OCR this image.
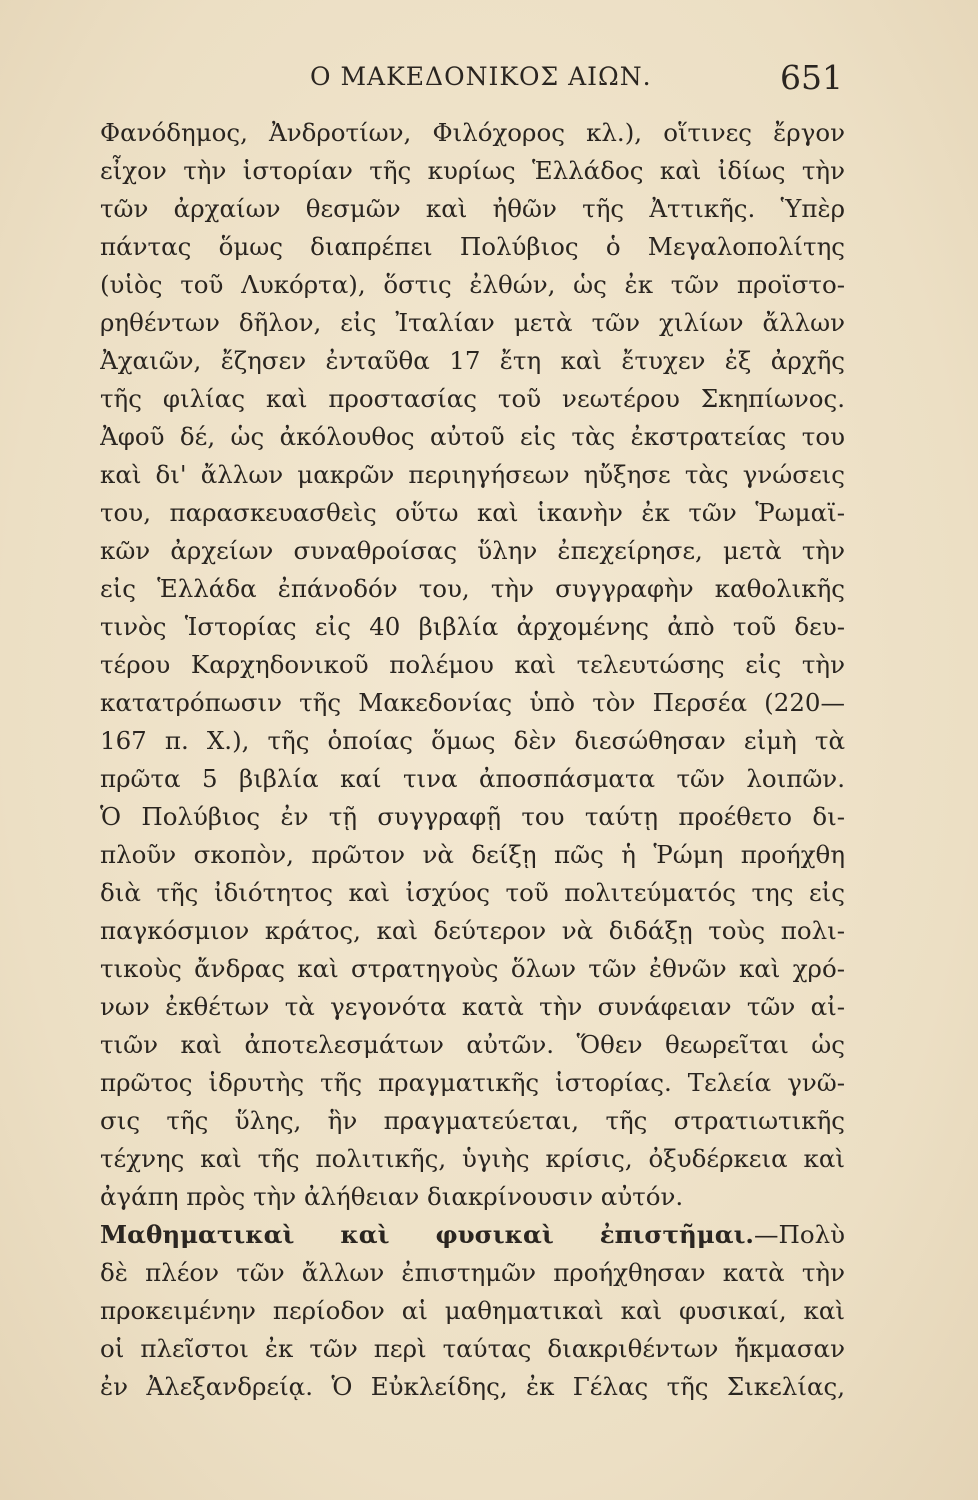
Ο ΜΑΚΕΔΟΝΙΚΟΣ ΑΙΩΝ.	651
Φανόδημος, Ἀνδροτίων, Φιλόχορος κλ.), οἵτινες ἔργον
εἶχον τὴν ἱστορίαν τῆς κυρίως Ἑλλάδος καὶ ἰδίως τὴν
τῶν ἀρχαίων θεσμῶν καὶ ἠθῶν τῆς Ἀττικῆς. Ὑπὲρ
πάντας ὅμως διαπρέπει Πολύβιος ὁ Μεγαλοπολίτης
(υἱὸς τοῦ Λυκόρτα), ὅστις ἐλθών, ὡς ἐκ τῶν προϊστο-
ρηθέντων δῆλον, εἰς Ἰταλίαν μετὰ τῶν χιλίων ἄλλων
Ἀχαιῶν, ἔζησεν ἐνταῦθα 17 ἔτη καὶ ἔτυχεν ἐξ ἀρχῆς
τῆς φιλίας καὶ προστασίας τοῦ νεωτέρου Σκηπίωνος.
Ἀφοῦ δέ, ὡς ἀκόλουθος αὐτοῦ εἰς τὰς ἐκστρατείας του
καὶ δι' ἄλλων μακρῶν περιηγήσεων ηὔξησε τὰς γνώσεις
του, παρασκευασθεὶς οὕτω καὶ ἱκανὴν ἐκ τῶν Ῥωμαϊ-
κῶν ἀρχείων συναθροίσας ὕλην ἐπεχείρησε, μετὰ τὴν
εἰς Ἑλλάδα ἐπάνοδόν του, τὴν συγγραφὴν καθολικῆς
τινὸς Ἱστορίας εἰς 40 βιβλία ἀρχομένης ἀπὸ τοῦ δευ-
τέρου Καρχηδονικοῦ πολέμου καὶ τελευτώσης εἰς τὴν
κατατρόπωσιν τῆς Μακεδονίας ὑπὸ τὸν Περσέα (220—
167 π. Χ.), τῆς ὁποίας ὅμως δὲν διεσώθησαν εἰμὴ τὰ
πρῶτα 5 βιβλία καί τινα ἀποσπάσματα τῶν λοιπῶν.
Ὁ Πολύβιος ἐν τῇ συγγραφῇ του ταύτῃ προέθετο δι-
πλοῦν σκοπὸν, πρῶτον νὰ δείξῃ πῶς ἡ Ῥώμη προήχθη
διὰ τῆς ἰδιότητος καὶ ἰσχύος τοῦ πολιτεύματός της εἰς
παγκόσμιον κράτος, καὶ δεύτερον νὰ διδάξῃ τοὺς πολι-
τικοὺς ἄνδρας καὶ στρατηγοὺς ὅλων τῶν ἐθνῶν καὶ χρό-
νων ἐκθέτων τὰ γεγονότα κατὰ τὴν συνάφειαν τῶν αἰ-
τιῶν καὶ ἀποτελεσμάτων αὐτῶν. Ὅθεν θεωρεῖται ὡς
πρῶτος ἱδρυτὴς τῆς πραγματικῆς ἱστορίας. Τελεία γνῶ-
σις τῆς ὕλης, ἣν πραγματεύεται, τῆς στρατιωτικῆς
τέχνης καὶ τῆς πολιτικῆς, ὑγιὴς κρίσις, ὀξυδέρκεια καὶ
ἀγάπη πρὸς τὴν ἀλήθειαν διακρίνουσιν αὐτόν.
Μαθηματικαὶ καὶ φυσικαὶ ἐπιστῆμαι.—Πολὺ
δὲ πλέον τῶν ἄλλων ἐπιστημῶν προήχθησαν κατὰ τὴν
προκειμένην περίοδον αἱ μαθηματικαὶ καὶ φυσικαί, καὶ
οἱ πλεῖστοι ἐκ τῶν περὶ ταύτας διακριθέντων ἤκμασαν
ἐν Ἀλεξανδρείᾳ. Ὁ Εὐκλείδης, ἐκ Γέλας τῆς Σικελίας,
